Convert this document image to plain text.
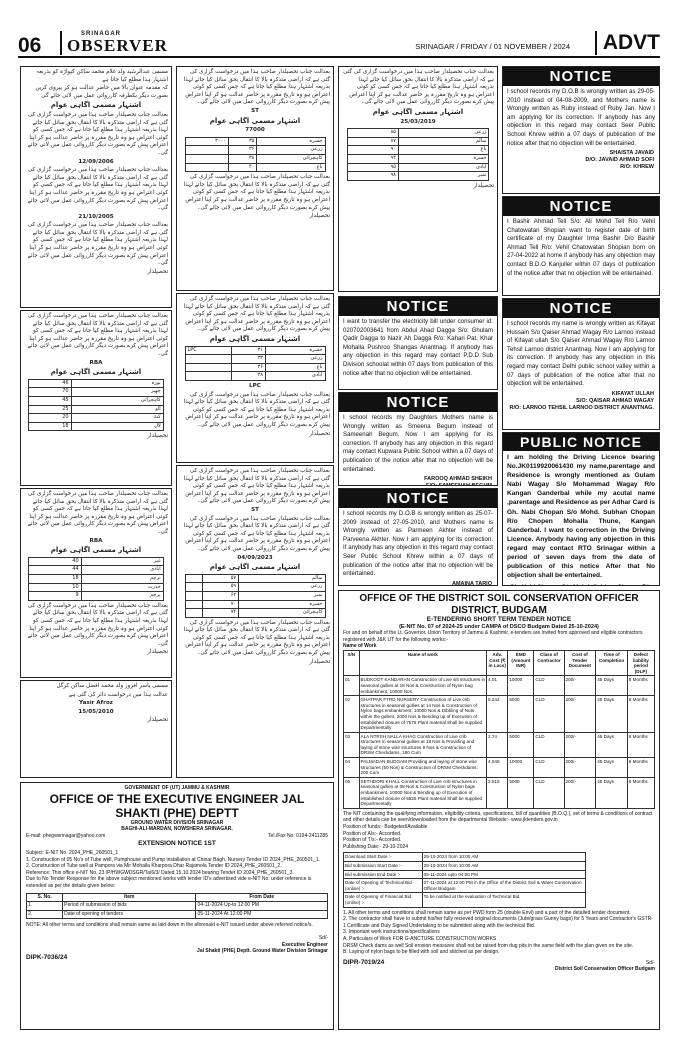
06	SRINAGAR
OBSERVER	SRINAGAR / FRIDAY / 01 NOVEMBER / 2024	ADVT

مسمی عبدالرشید ولد غلام محمد ساکن کپواڑہ کو بذریعہ اشتہار ہذا مطلع کیا جاتا ہے

کہ مقدمہ عنوان بالا میں حاضر عدالت ہو کر پیروی کریں بصورت دیگر یکطرفہ کارروائی عمل میں لائی جائے گی

اشتہار مسمی اگاہی عوام

بعدالت جناب تحصیلدار صاحب ہذا میں درخواست گزاری کی گئی ہے کہ اراضی متذکرہ بالا کا انتقال بحق سائل کیا جائے لہذا بذریعہ اشتہار ہذا مطلع کیا جاتا ہے کہ جس کسی کو کوئی اعتراض ہو وہ تاریخ مقررہ پر حاضر عدالت ہو کر اپنا اعتراض پیش کرے بصورت دیگر کارروائی عمل میں لائی جائے گی۔

12/09/2006

بعدالت جناب تحصیلدار صاحب ہذا میں درخواست گزاری کی گئی ہے کہ اراضی متذکرہ بالا کا انتقال بحق سائل کیا جائے لہذا بذریعہ اشتہار ہذا مطلع کیا جاتا ہے کہ جس کسی کو کوئی اعتراض ہو وہ تاریخ مقررہ پر حاضر عدالت ہو کر اپنا اعتراض پیش کرے بصورت دیگر کارروائی عمل میں لائی جائے گی۔

21/10/2005

بعدالت جناب تحصیلدار صاحب ہذا میں درخواست گزاری کی گئی ہے کہ اراضی متذکرہ بالا کا انتقال بحق سائل کیا جائے لہذا بذریعہ اشتہار ہذا مطلع کیا جاتا ہے کہ جس کسی کو کوئی اعتراض ہو وہ تاریخ مقررہ پر حاضر عدالت ہو کر اپنا اعتراض پیش کرے بصورت دیگر کارروائی عمل میں لائی جائے گی۔

تحصیلدار

بعدالت جناب تحصیلدار صاحب ہذا میں درخواست گزاری کی گئی ہے کہ اراضی متذکرہ بالا کا انتقال بحق سائل کیا جائے لہذا بذریعہ اشتہار ہذا مطلع کیا جاتا ہے کہ جس کسی کو کوئی اعتراض ہو وہ تاریخ مقررہ پر حاضر عدالت ہو کر اپنا اعتراض پیش کرے بصورت دیگر کارروائی عمل میں لائی جائے گی۔

RBA

اشتہار مسمی اگاہی عوام
نوزہ	46
چھپر	70
کاہچرائی	45
آلو	25
کٹ	20
لال	18

تحصیلدار

بعدالت جناب تحصیلدار صاحب ہذا میں درخواست گزاری کی گئی ہے کہ اراضی متذکرہ بالا کا انتقال بحق سائل کیا جائے لہذا بذریعہ اشتہار ہذا مطلع کیا جاتا ہے کہ جس کسی کو کوئی اعتراض ہو وہ تاریخ مقررہ پر حاضر عدالت ہو کر اپنا اعتراض پیش کرے بصورت دیگر کارروائی عمل میں لائی جائے گی۔

RBA

اشتہار مسمی اگاہی عوام
غیر	40
آبادی	44
نرچم	18
خدرت	10
پرچم	9

بعدالت جناب تحصیلدار صاحب ہذا میں درخواست گزاری کی گئی ہے کہ اراضی متذکرہ بالا کا انتقال بحق سائل کیا جائے لہذا بذریعہ اشتہار ہذا مطلع کیا جاتا ہے کہ جس کسی کو کوئی اعتراض ہو وہ تاریخ مقررہ پر حاضر عدالت ہو کر اپنا اعتراض پیش کرے بصورت دیگر کارروائی عمل میں لائی جائے گی۔

تحصیلدار

مسمی یاسر افروز ولد محمد افضل ساکن کرگل

عدالت ہذا میں درخواست دائر کی گئی ہے

Yasir Afroz

15/05/2010

تحصیلدار

بعدالت جناب تحصیلدار صاحب ہذا میں درخواست گزاری کی گئی ہے کہ اراضی متذکرہ بالا کا انتقال بحق سائل کیا جائے لہذا بذریعہ اشتہار ہذا مطلع کیا جاتا ہے کہ جس کسی کو کوئی اعتراض ہو وہ تاریخ مقررہ پر حاضر عدالت ہو کر اپنا اعتراض پیش کرے بصورت دیگر کارروائی عمل میں لائی جائے گی۔

ST

اشتہار مسمی اگاہی عوام

77000

خسرہ	۳۵	۳۰۰۰
زرعی	۳۶	
کاہچرائی	۳۸	
باغ	۴۰	

بعدالت جناب تحصیلدار صاحب ہذا میں درخواست گزاری کی گئی ہے کہ اراضی متذکرہ بالا کا انتقال بحق سائل کیا جائے لہذا بذریعہ اشتہار ہذا مطلع کیا جاتا ہے کہ جس کسی کو کوئی اعتراض ہو وہ تاریخ مقررہ پر حاضر عدالت ہو کر اپنا اعتراض پیش کرے بصورت دیگر کارروائی عمل میں لائی جائے گی۔

تحصیلدار

بعدالت جناب تحصیلدار صاحب ہذا میں درخواست گزاری کی گئی ہے کہ اراضی متذکرہ بالا کا انتقال بحق سائل کیا جائے لہذا بذریعہ اشتہار ہذا مطلع کیا جاتا ہے کہ جس کسی کو کوئی اعتراض ہو وہ تاریخ مقررہ پر حاضر عدالت ہو کر اپنا اعتراض پیش کرے بصورت دیگر کارروائی عمل میں لائی جائے گی۔

اشتہار مسمی اگاہی عوام
خسرہ	۳۱	LPC
زرعی	۳۳	
باغ	۳۶	
آبادی	۳۸	

LPC

بعدالت جناب تحصیلدار صاحب ہذا میں درخواست گزاری کی گئی ہے کہ اراضی متذکرہ بالا کا انتقال بحق سائل کیا جائے لہذا بذریعہ اشتہار ہذا مطلع کیا جاتا ہے کہ جس کسی کو کوئی اعتراض ہو وہ تاریخ مقررہ پر حاضر عدالت ہو کر اپنا اعتراض پیش کرے بصورت دیگر کارروائی عمل میں لائی جائے گی۔

تحصیلدار

بعدالت جناب تحصیلدار صاحب ہذا میں درخواست گزاری کی گئی ہے کہ اراضی متذکرہ بالا کا انتقال بحق سائل کیا جائے لہذا بذریعہ اشتہار ہذا مطلع کیا جاتا ہے کہ جس کسی کو کوئی اعتراض ہو وہ تاریخ مقررہ پر حاضر عدالت ہو کر اپنا اعتراض پیش کرے بصورت دیگر کارروائی عمل میں لائی جائے گی۔

ST

بعدالت جناب تحصیلدار صاحب ہذا میں درخواست گزاری کی گئی ہے کہ اراضی متذکرہ بالا کا انتقال بحق سائل کیا جائے لہذا بذریعہ اشتہار ہذا مطلع کیا جاتا ہے کہ جس کسی کو کوئی اعتراض ہو وہ تاریخ مقررہ پر حاضر عدالت ہو کر اپنا اعتراض پیش کرے بصورت دیگر کارروائی عمل میں لائی جائے گی۔

04/09/2023

اشتہار مسمی اگاہی عوام
سالم	۵۷	
زرعی	۵۹	
نمبر	۶۲	
خسرہ	۷۰	
کاہچرائی	۷۴	

بعدالت جناب تحصیلدار صاحب ہذا میں درخواست گزاری کی گئی ہے کہ اراضی متذکرہ بالا کا انتقال بحق سائل کیا جائے لہذا بذریعہ اشتہار ہذا مطلع کیا جاتا ہے کہ جس کسی کو کوئی اعتراض ہو وہ تاریخ مقررہ پر حاضر عدالت ہو کر اپنا اعتراض پیش کرے بصورت دیگر کارروائی عمل میں لائی جائے گی۔

تحصیلدار

بعدالت جناب تحصیلدار صاحب ہذا میں درخواست گزاری کی گئی ہے کہ اراضی متذکرہ بالا کا انتقال بحق سائل کیا جائے لہذا بذریعہ اشتہار ہذا مطلع کیا جاتا ہے کہ جس کسی کو کوئی اعتراض ہو وہ تاریخ مقررہ پر حاضر عدالت ہو کر اپنا اعتراض پیش کرے بصورت دیگر کارروائی عمل میں لائی جائے گی۔

اشتہار مسمی اگاہی عوام

25/03/2019

زرعی	۸۵
سالم	۸۷
باغ	۹۰
خسرہ	۹۲
آبادی	۹۵
نمبر	۹۸

تحصیلدار

NOTICE
I want to transfer the electricity bill under consumer id: 020702003641 from Abdul Ahad Dagga S/o: Ghulam Qadir Dagga to Nazir Ah Dagga R/o: Kahari Pat, Khar Mohalla Pushroo Shangas Anantnag. If anybody has any objection in this regard may contact P.D.D Sub Division schoolat within 07 days from publication of this notice after that no objection will be entertained.
NOTICE
I school records my Daughters Mothers name is Wrongly written as Smeena Begum instead of Sameenah Begum. Now I am applying for its correction. If anybody has any objection in this regard may contact Kupwara Public School within a 07 days of publication of the notice after that no objection will be entertained.
FAROOQ AHMAD SHEIKH
NOTICE
I school records my D.O.B is wrongly written as 25-07-2009 instead of 27-05-2010, and Mothers name is Wrongly written as Parmeen Akhter instead of Parveena Akhter. Now I am applying for its correction. If anybody has any objection in this regard may contact Seer Public School Khrew within a 07 days of publication of the notice after that no objection will be entertained.
AMAINA TARIQ
NOTICE
I school records my D.O.B is wrongly written as 29-05-2010 instead of 04-08-2009, and Mothers name is Wrongly written as Ruby instead of Ruby Jan. Now I am applying for its correction. If anybody has any objection in this regard may contact Seer Public School Khrew within a 07 days of publication of the notice after that no objection will be entertained.
SHAISTA JAVAID
D/O: JAVAID AHMAD SOFI
R/O: KHREW
NOTICE
I Bashir Ahmad Tell S/o: Ali Mohd Tell R/o Vehil Chatowatan Shopian want to register date of birth certificate of my Daughter Irma Bashir D/o Bashir Ahmad Tell R/o: Vehil Chatowatan Shopian born on 27-04-2022 at home if anybody has any objection may contact B.D.O Kanjuller within 07 days of publication of the notice after that no objection will be entertained.
NOTICE
I school records my name is wrongly written as Kifayat Hussain S/o Qaiser Ahmad Wagay R/o Larnoo instead of Kifayat ullah S/o Qaiser Ahmad Wagay R/o Larnoo Tehsil Larnoo district Anantnag. Now I am applying for its correction. If anybody has any objection in this regard may contact Delhi public school valley within a 07 days of publication of the notice after that no objection will be entertained.
KIFAYAT ULLAH
S/O: QAISAR AHMAD WAGAY
R/O: LARNOO TEHSIL LARNOO DISTRICT ANANTNAG.
PUBLIC NOTICE
I am holding the Driving Licence bearing No.JK0119920061430 my name,parentage and Residence is wrongly mentioned as Gulam Nabi Wagay S/o Mohammad Wagay R/o Kangan Ganderbal while my acutal name ,parentage and Residence as per Adhar Card is Gh. Nabi Chopan S/o Mohd. Subhan Chopan R/o Chopen Mohalla Thune, Kangan Ganderbal. I want to correction in the Driving Licence. Anybody having any objection in this regard may contact RTO Srinagar within a period of seven days from the date of publication of this notice After that No objection shall be entertained.
OFFICE OF THE DISTRICT SOIL CONSERVATION OFFICER DISTRICT, BUDGAM
E-TENDERING SHORT TERM TENDER NOTICE
(E-NIT No. 07 of 2024-25 under CAMPA of DSCO Budgam Dated 25-10-2024)
For and on behalf of the Lt. Governor, Union Territory of Jammu & Kashmir, e-tenders are invited from approved and eligible contractors registered with J&K UT for the following works:-
Name of Work
S/N	Name of work	Adv. Cost (₹ in Lacs)	EMD (Amount INR)	Class of Contractor	Cost of Tender Document	Time of Completion	Defect liability period (DLP)
01	BUDKOOT KANDARAN Construction of Live silt structures in seasonal gullies at 18 Nos & Construction of Nylon bag embankment, 10000 Nos	4.01	10000	CLD	200/-	45 Days	6 Months
02	GHATPAR FTRD NURSERY Construction of Live crib structures in seasonal gullies at 14 Nos & Construction of Nylon bags embankment, 10000 Nos & Dibbling of Nuts within the gullies, 2000 Nos & Bending up of Execution of established closure of 7575 Plant material Shall be supplied Departmentally	5.242	5000	CLD	200/-	45 Days	6 Months
03	ALA NTRSH NALLA KHAG Construction of Live crib structures in seasonal gullies at 18 Nos & Providing and laying of stone wire structures 8 Nos & Construction of DRSM Checkdams, 180 Cum	2.74	5000	CLD	200/-	45 Days	6 Months
04	PALMADAN BUDGAM Providing and laying of stone wire structures (50 Nos) & Construction of DRSM Checkdams, 200 Cum	4.049	10000	CLD	200/-	45 Days	6 Months
05	SETHDORI KHALL Construction of Live crib structures in seasonal gullies at 08 Nos & Construction of Nylon bags embankment, 10000 Nos & Bending up of Execution of established closure of 5525 Plant material Shall be supplied Departmentally	2.518	5000	CLD	200/-	45 Days	6 Months
The NIT containing the qualifying information, eligibility criteria, specifications, bill of quantities (B.O.Q.), set of terms & conditions of contract and other details can be seen/downloaded from the departmental Website:- www.jktenders.gov.in
Position of funds:- Budgeted/Available
Position of A/s:- Accorded.
Position of T/s:- Accorded.
Publishing Date:- 29-10-2024
Download Start Date :-	29-10-2024 from 10:00 AM
Bid submission Start Date :-	29-10-2024 from 10:00 AM
Bid submission End Date :-	05-11-2024 upto 04:00 PM
Date of Opening of Technical Bid (online) :-	07-11-2024 at 12:00 PM in the Office of the District Soil & Water Conservation Officer Budgam
Date of Opening of Financial Bid (online) :-	To be notified at the evaluation of Technical Bid.
1. All other terms and conditions shall remain same as per PWD form 25 (double Envl) and a part of the detailed tender document.
2. The contractor shall have to submit his/her fully recieved original documents (Jute/grass Gunny bags) for 5 Years and Contractor's GSTR-1 Certificate and Duly Signed Undertaking to be submitted along with the technical Bid.
3. Important work instructions/specifications
A. Particulars of Work FOR G-ANCTURE CONSTRUCTION WORKS
DRSM Check dams as well Soil erosion measures shall not be raised from dug pits in the same field with the plan given on the site.
B. Laying of nylon bags to be filled with soil and stitched as per design.
DIPR-7019/24	Sd/-
District Soil Conservation Officer Budgam
GOVERNMENT OF (UT) JAMMU & KASHMIR
OFFICE OF THE EXECUTIVE ENGINEER JAL SHAKTI (PHE) DEPTT
GROUND WATER DIVISION SRINAGAR
BAGHI-ALI-MARDAN, NOWSHERA SRINAGAR.
E-mail: phegwsrinagar@yahoo.com	Tel./Fax No: 0194-2411285
EXTENSION NOTICE 1ST
Subject: E-NIT No. 2024_PHE_260501_1
1. Construction of 05 No's of Tube well, Pumphouse and Pump installation at Chinar Bagh, Nursery Tender ID 2024_PHE_260501_1.
2. Construction of Tube well at Pampora via Mir Mohalla Kharpora Dhar Rajamola Tender ID 2024_PHE_260501_2.
Reference: This office e-NIT No. 23 /P/HWGWDSGR/Ta/6/3/ Dated 15.10.2024 bearing Tender ID 2024_PHE_260501_3.
Due to No Tender Response for the above subject mentioned works with tender ID's advertised vide e-NIT No. under reference is extended as per the details given below:
S. No.	Item	From Date
1.	Period of submission of bids	04-11-2024 Up-to 12:00 PM
2.	Date of opening of tenders	05-11-2024 At 12:00 PM
NOTE: All other terms and conditions shall remain same as laid down in the aforesaid e-NIT issued under above referred notice/s.
Sd/-
Executive Engineer
Jal Shakti (PHE) Deptt. Ground Water Division Srinagar
DIPK-7036/24
